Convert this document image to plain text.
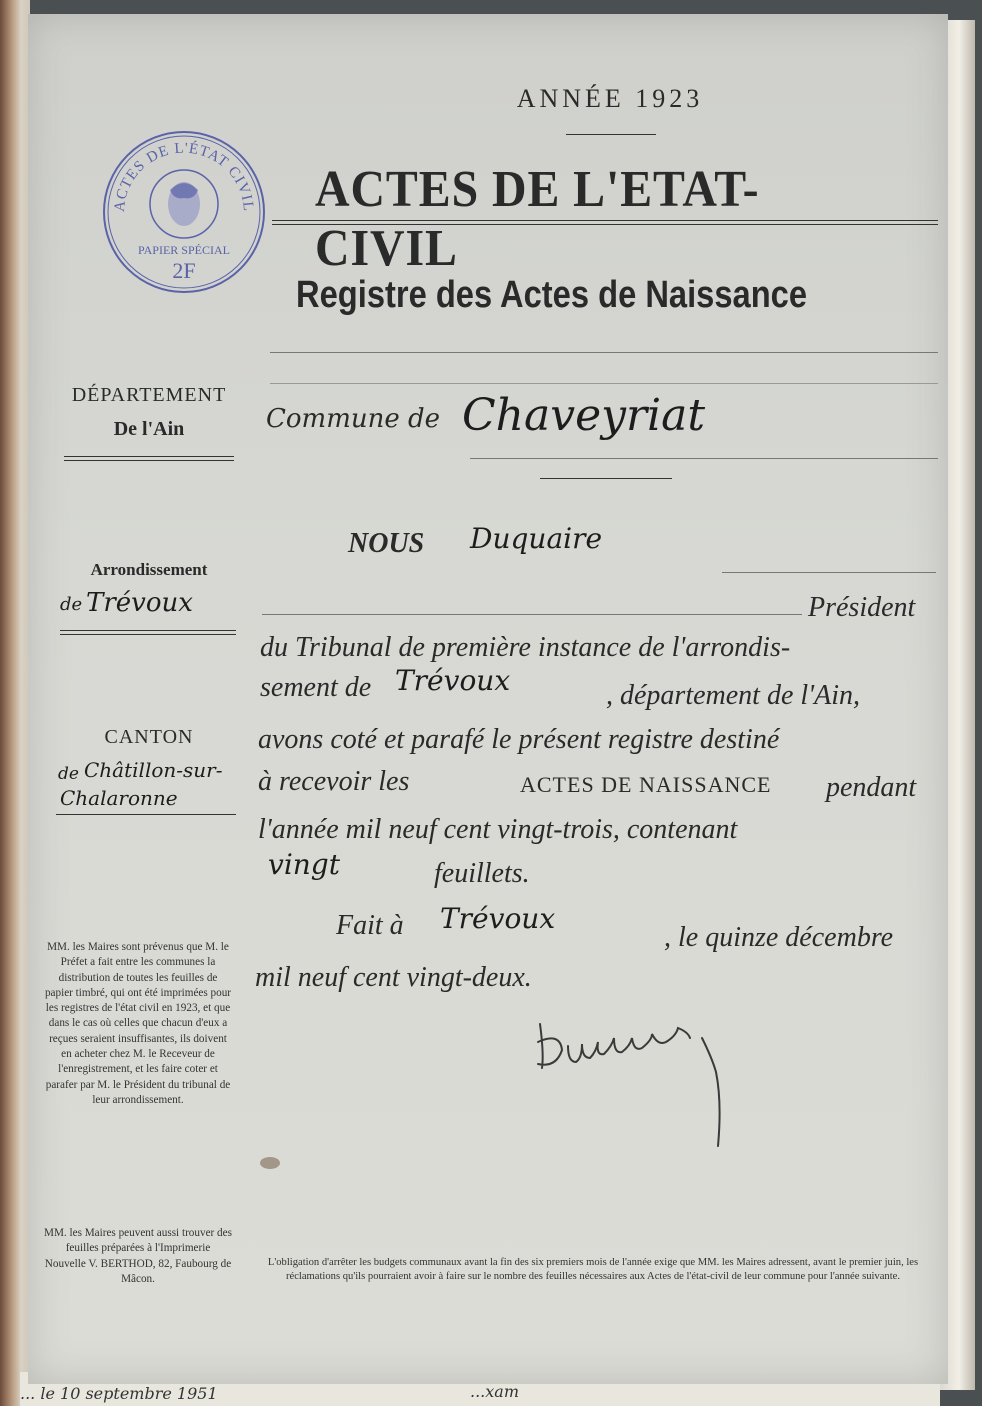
ANNÉE 1923
ACTES DE L'ETAT-CIVIL
Registre des Actes de Naissance
ACTES DE L'ÉTAT CIVIL
PAPIER SPÉCIAL
2F
DÉPARTEMENT
De l'Ain
Arrondissement
de Trévoux
CANTON
de Châtillon-sur-
Chalaronne
MM. les Maires sont prévenus que M. le Préfet a fait entre les communes la distribution de toutes les feuilles de papier timbré, qui ont été imprimées pour les registres de l'état civil en 1923, et que dans le cas où celles que chacun d'eux a reçues seraient insuffisantes, ils doivent en acheter chez M. le Receveur de l'enregistrement, et les faire coter et parafer par M. le Président du tribunal de leur arrondissement.
MM. les Maires peuvent aussi trouver des feuilles préparées à l'Imprimerie Nouvelle V. BERTHOD, 82, Faubourg de Mâcon.
Commune de Chaveyriat
NOUS Duquaire
Président
du Tribunal de première instance de l'arrondis-
sement de Trévoux	, département de l'Ain,
avons coté et parafé le présent registre destiné
à recevoir les	ACTES DE NAISSANCE pendant
l'année mil neuf cent vingt-trois, contenant
vingt	feuillets.
Fait à Trévoux
, le quinze décembre
mil neuf cent vingt-deux.
L'obligation d'arrêter les budgets communaux avant la fin des six premiers mois de l'année exige que MM. les Maires adressent, avant le premier juin, les réclamations qu'ils pourraient avoir à faire sur le nombre des feuilles nécessaires aux Actes de l'état-civil de leur commune pour l'année suivante.
... le 10 septembre 1951	...xam
